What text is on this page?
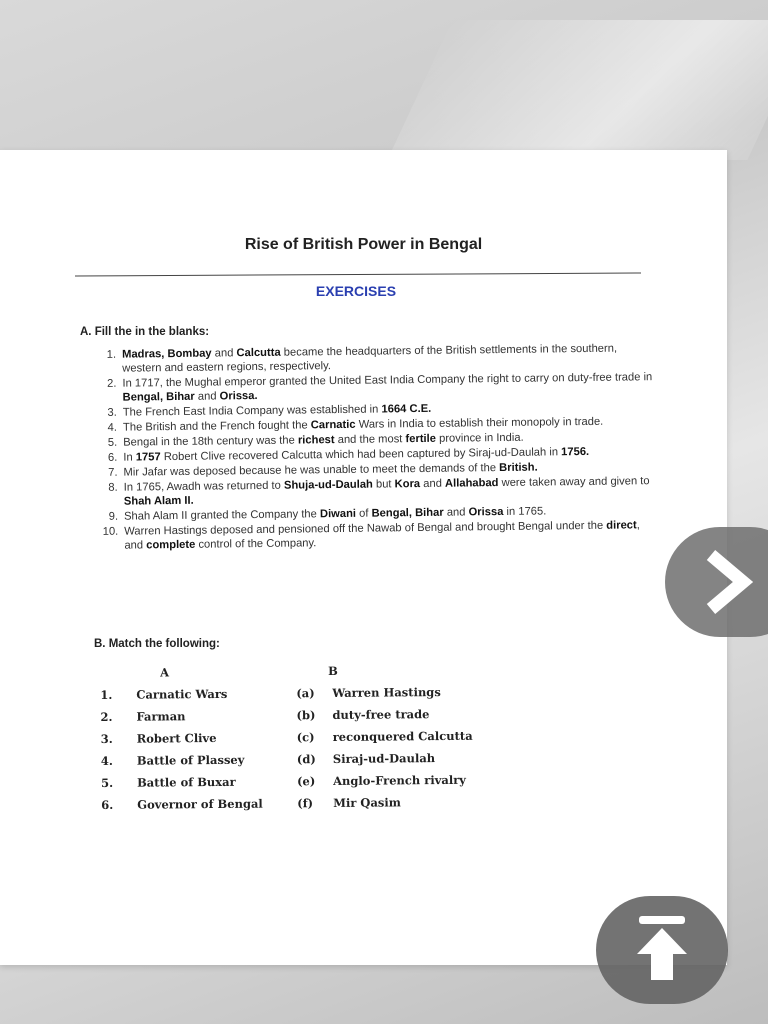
Rise of British Power in Bengal
EXERCISES
A. Fill the in the blanks:
1. Madras, Bombay and Calcutta became the headquarters of the British settlements in the southern, western and eastern regions, respectively.
2. In 1717, the Mughal emperor granted the United East India Company the right to carry on duty-free trade in Bengal, Bihar and Orissa.
3. The French East India Company was established in 1664 C.E.
4. The British and the French fought the Carnatic Wars in India to establish their monopoly in trade.
5. Bengal in the 18th century was the richest and the most fertile province in India.
6. In 1757 Robert Clive recovered Calcutta which had been captured by Siraj-ud-Daulah in 1756.
7. Mir Jafar was deposed because he was unable to meet the demands of the British.
8. In 1765, Awadh was returned to Shuja-ud-Daulah but Kora and Allahabad were taken away and given to Shah Alam II.
9. Shah Alam II granted the Company the Diwani of Bengal, Bihar and Orissa in 1765.
10. Warren Hastings deposed and pensioned off the Nawab of Bengal and brought Bengal under the direct, and complete control of the Company.
B. Match the following:
A	B
1.	Carnatic Wars	(a)	Warren Hastings
2.	Farman	(b)	duty-free trade
3.	Robert Clive	(c)	reconquered Calcutta
4.	Battle of Plassey	(d)	Siraj-ud-Daulah
5.	Battle of Buxar	(e)	Anglo-French rivalry
6.	Governor of Bengal	(f)	Mir Qasim
